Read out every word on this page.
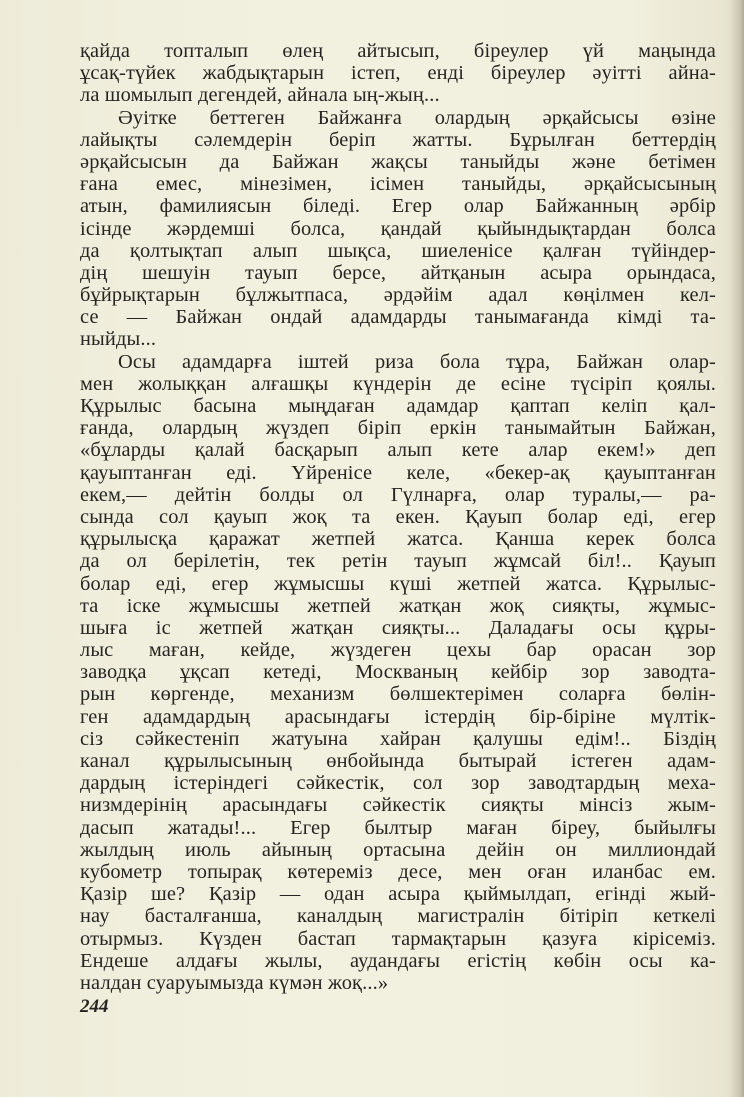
қайда топталып өлең айтысып, біреулер үй маңында
ұсақ-түйек жабдықтарын істеп, енді біреулер әуітті айна-
ла шомылып дегендей, айнала ың-жың...
Әуітке беттеген Байжанға олардың әрқайсысы өзіне
лайықты сәлемдерін беріп жатты. Бұрылған беттердің
әрқайсысын да Байжан жақсы таныйды және бетімен
ғана емес, мінезімен, ісімен таныйды, әрқайсысының
атын, фамилиясын біледі. Егер олар Байжанның әрбір
ісінде жәрдемші болса, қандай қыйындықтардан болса
да қолтықтап алып шықса, шиеленісе қалған түйіндер-
дің шешуін тауып берсе, айтқанын асыра орындаса,
бұйрықтарын бұлжытпаса, әрдәйім адал көңілмен кел-
се — Байжан ондай адамдарды танымағанда кімді та-
ныйды...
Осы адамдарға іштей риза бола тұра, Байжан олар-
мен жолыққан алғашқы күндерін де есіне түсіріп қоялы.
Құрылыс басына мыңдаған адамдар қаптап келіп қал-
ғанда, олардың жүздеп біріп еркін танымайтын Байжан,
«бұларды қалай басқарып алып кете алар екем!» деп
қауыптанған еді. Үйренісе келе, «бекер-ақ қауыптанған
екем,— дейтін болды ол Гүлнарға, олар туралы,— ра-
сында сол қауып жоқ та екен. Қауып болар еді, егер
құрылысқа қаражат жетпей жатса. Қанша керек болса
да ол берілетін, тек ретін тауып жұмсай біл!.. Қауып
болар еді, егер жұмысшы күші жетпей жатса. Құрылыс-
та іске жұмысшы жетпей жатқан жоқ сияқты, жұмыс-
шыға іс жетпей жатқан сияқты... Даладағы осы құры-
лыс маған, кейде, жүздеген цехы бар орасан зор
заводқа ұқсап кетеді, Москваның кейбір зор заводта-
рын көргенде, механизм бөлшектерімен соларға бөлін-
ген адамдардың арасындағы істердің бір-біріне мүлтік-
сіз сәйкестеніп жатуына хайран қалушы едім!.. Біздің
канал құрылысының өнбойында бытырай істеген адам-
дардың істеріндегі сәйкестік, сол зор заводтардың меха-
низмдерінің арасындағы сәйкестік сияқты мінсіз жым-
дасып жатады!... Егер былтыр маған біреу, быйылғы
жылдың июль айының ортасына дейін он миллиондай
кубометр топырақ көтереміз десе, мен оған иланбас ем.
Қазір ше? Қазір — одан асыра қыймылдап, егінді жый-
нау басталғанша, каналдың магистралін бітіріп кеткелі
отырмыз. Күзден бастап тармақтарын қазуға кірісеміз.
Ендеше алдағы жылы, аудандағы егістің көбін осы ка-
налдан суаруымызда күмән жоқ...»
244
